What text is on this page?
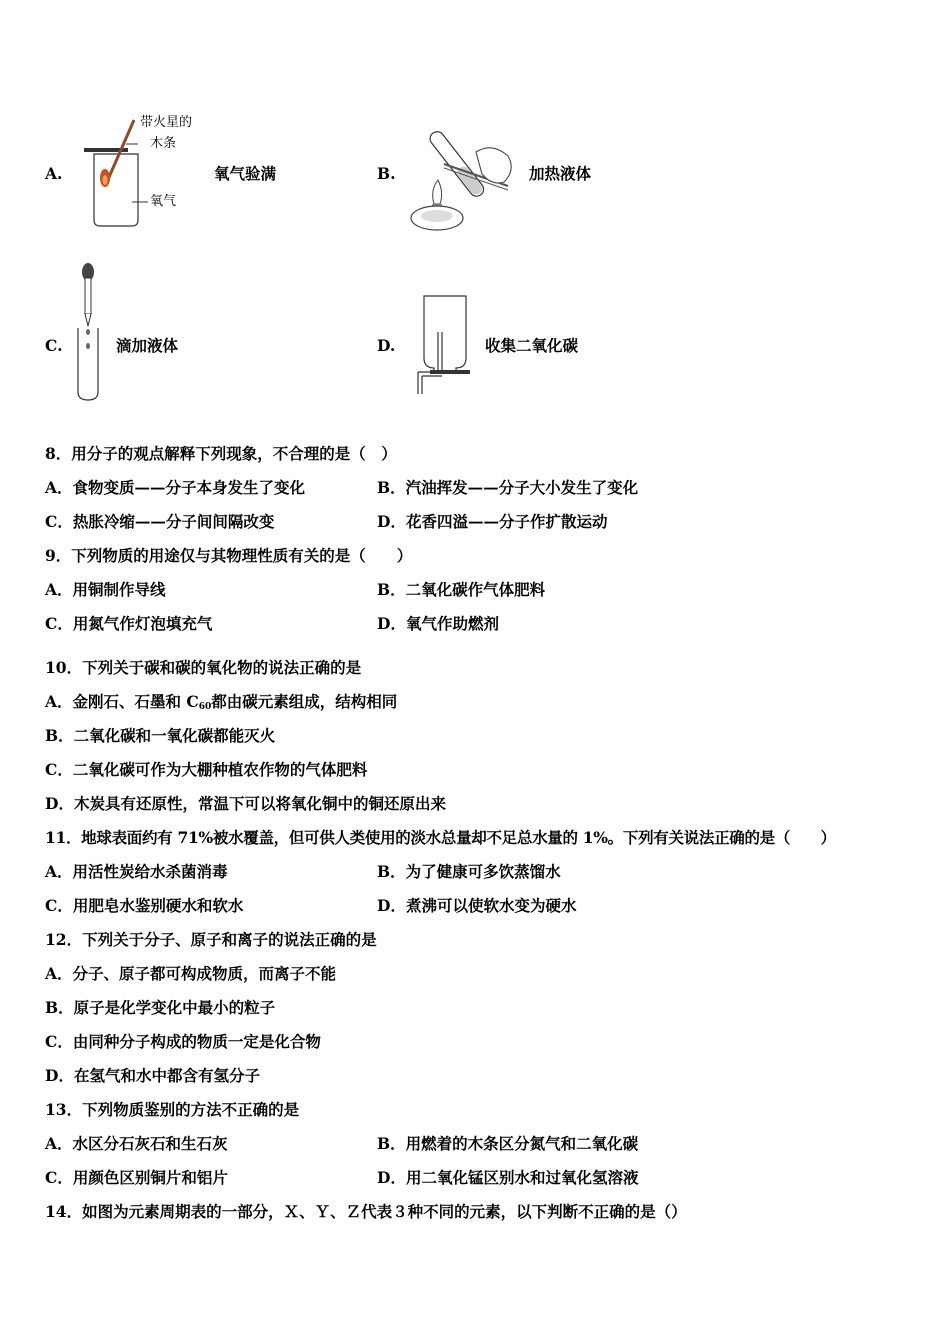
A.
带火星的
木条
氧气
氧气验满	B.	加热液体
C.	滴加液体	D.	收集二氧化碳
8．用分子的观点解释下列现象，不合理的是（　）
A．食物变质——分子本身发生了变化	B．汽油挥发——分子大小发生了变化
C．热胀冷缩——分子间间隔改变	D．花香四溢——分子作扩散运动
9．下列物质的用途仅与其物理性质有关的是（　　）
A．用铜制作导线	B．二氧化碳作气体肥料
C．用氮气作灯泡填充气	D．氧气作助燃剂
10．下列关于碳和碳的氧化物的说法正确的是
A．金刚石、石墨和 $C_{60}$都由碳元素组成，结构相同
B．二氧化碳和一氧化碳都能灭火
C．二氧化碳可作为大棚种植农作物的气体肥料
D．木炭具有还原性，常温下可以将氧化铜中的铜还原出来
11．地球表面约有 71%被水覆盖，但可供人类使用的淡水总量却不足总水量的 1%。下列有关说法正确的是（　　）
A．用活性炭给水杀菌消毒	B．为了健康可多饮蒸馏水
C．用肥皂水鉴别硬水和软水	D．煮沸可以使软水变为硬水
12．下列关于分子、原子和离子的说法正确的是
A．分子、原子都可构成物质，而离子不能
B．原子是化学变化中最小的粒子
C．由同种分子构成的物质一定是化合物
D．在氢气和水中都含有氢分子
13．下列物质鉴别的方法不正确的是
A．水区分石灰石和生石灰	B．用燃着的木条区分氮气和二氧化碳
C．用颜色区别铜片和铝片	D．用二氧化锰区别水和过氧化氢溶液
14．如图为元素周期表的一部分，Ｘ、Ｙ、Ｚ代表３种不同的元素，以下判断不正确的是（）
